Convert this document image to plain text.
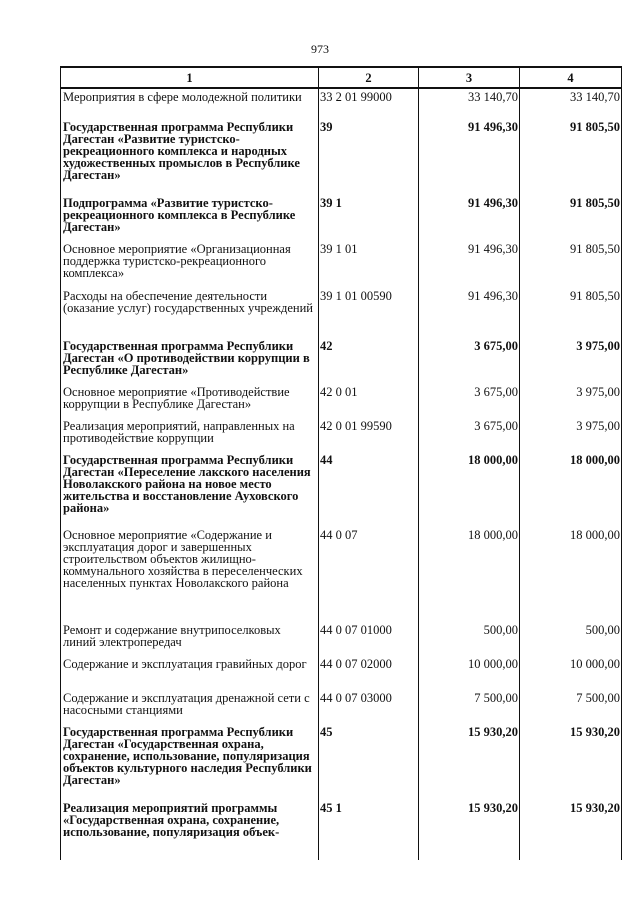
973
1	2	3	4
Мероприятия в сфере молодежной политики	33 2 01 99000	33 140,70	33 140,70
Государственная программа Республики Дагестан «Развитие туристско-рекреационного комплекса и народных художественных промыслов в Республике Дагестан»	39	91 496,30	91 805,50
Подпрограмма «Развитие туристско-рекреационного комплекса в Республике Дагестан»	39 1	91 496,30	91 805,50
Основное мероприятие «Организационная поддержка туристско-рекреационного комплекса»	39 1 01	91 496,30	91 805,50
Расходы на обеспечение деятельности (оказание услуг) государственных учреждений	39 1 01 00590	91 496,30	91 805,50
Государственная программа Республики Дагестан «О противодействии коррупции в Республике Дагестан»	42	3 675,00	3 975,00
Основное мероприятие «Противодействие коррупции в Республике Дагестан»	42 0 01	3 675,00	3 975,00
Реализация мероприятий, направленных на противодействие коррупции	42 0 01 99590	3 675,00	3 975,00
Государственная программа Республики Дагестан «Переселение лакского населения Новолакского района на новое место жительства и восстановление Ауховского района»	44	18 000,00	18 000,00
Основное мероприятие «Содержание и эксплуатация дорог и завершенных строительством объектов жилищно-коммунального хозяйства в переселенческих населенных пунктах Новолакского района	44 0 07	18 000,00	18 000,00
Ремонт и содержание внутрипоселковых линий электропередач	44 0 07 01000	500,00	500,00
Содержание и эксплуатация гравийных дорог	44 0 07 02000	10 000,00	10 000,00
Содержание и эксплуатация дренажной сети с насосными станциями	44 0 07 03000	7 500,00	7 500,00
Государственная программа Республики Дагестан «Государственная охрана, сохранение, использование, популяризация объектов культурного наследия Республики Дагестан»	45	15 930,20	15 930,20
Реализация мероприятий программы «Государственная охрана, сохранение, использование, популяризация объек-	45 1	15 930,20	15 930,20
